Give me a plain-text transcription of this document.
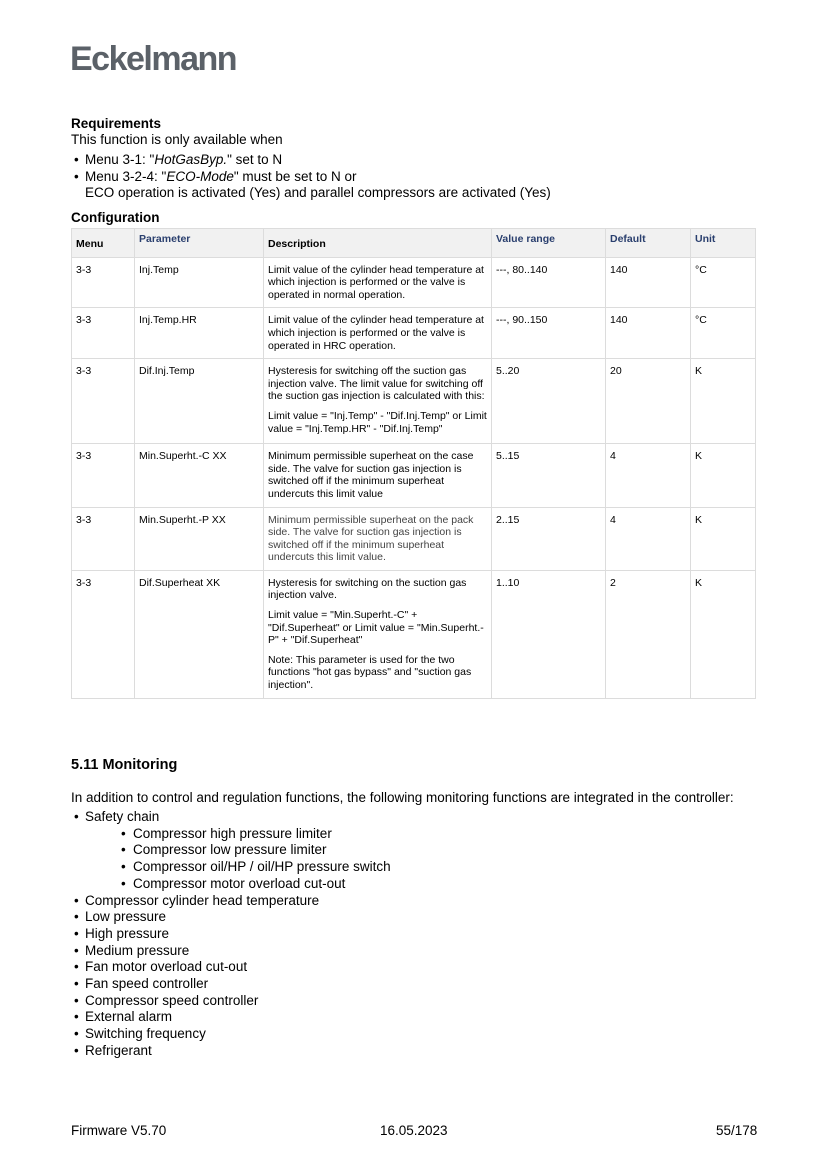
Eckelmann
Requirements
This function is only available when
• Menu 3-1: "HotGasByp." set to N
• Menu 3-2-4: "ECO-Mode" must be set to N or
ECO operation is activated (Yes) and parallel compressors are activated (Yes)
Configuration
Menu	Parameter	Description	Value range	Default	Unit
3-3	Inj.Temp	Limit value of the cylinder head temperature at which injection is performed or the valve is operated in normal operation.	---, 80..140	140	°C
3-3	Inj.Temp.HR	Limit value of the cylinder head temperature at which injection is performed or the valve is operated in HRC operation.	---, 90..150	140	°C
3-3	Dif.Inj.Temp	Hysteresis for switching off the suction gas injection valve. The limit value for switching off the suction gas injection is calculated with this:

Limit value = "Inj.Temp" - "Dif.Inj.Temp" or Limit value = "Inj.Temp.HR" - "Dif.Inj.Temp"	5..20	20	K
3-3	Min.Superht.-C XX	Minimum permissible superheat on the case side. The valve for suction gas injection is switched off if the minimum superheat undercuts this limit value	5..15	4	K
3-3	Min.Superht.-P XX	Minimum permissible superheat on the pack side. The valve for suction gas injection is switched off if the minimum superheat undercuts this limit value.	2..15	4	K
3-3	Dif.Superheat XK	Hysteresis for switching on the suction gas injection valve.

Limit value = "Min.Superht.-C" + "Dif.Superheat" or Limit value = "Min.Superht.-P" + "Dif.Superheat"

Note: This parameter is used for the two functions "hot gas bypass" and "suction gas injection".	1..10	2	K
5.11 Monitoring
In addition to control and regulation functions, the following monitoring functions are integrated in the controller:
• Safety chain
• Compressor high pressure limiter
• Compressor low pressure limiter
• Compressor oil/HP / oil/HP pressure switch
• Compressor motor overload cut-out
• Compressor cylinder head temperature
• Low pressure
• High pressure
• Medium pressure
• Fan motor overload cut-out
• Fan speed controller
• Compressor speed controller
• External alarm
• Switching frequency
• Refrigerant
Firmware V5.70	16.05.2023	55/178
